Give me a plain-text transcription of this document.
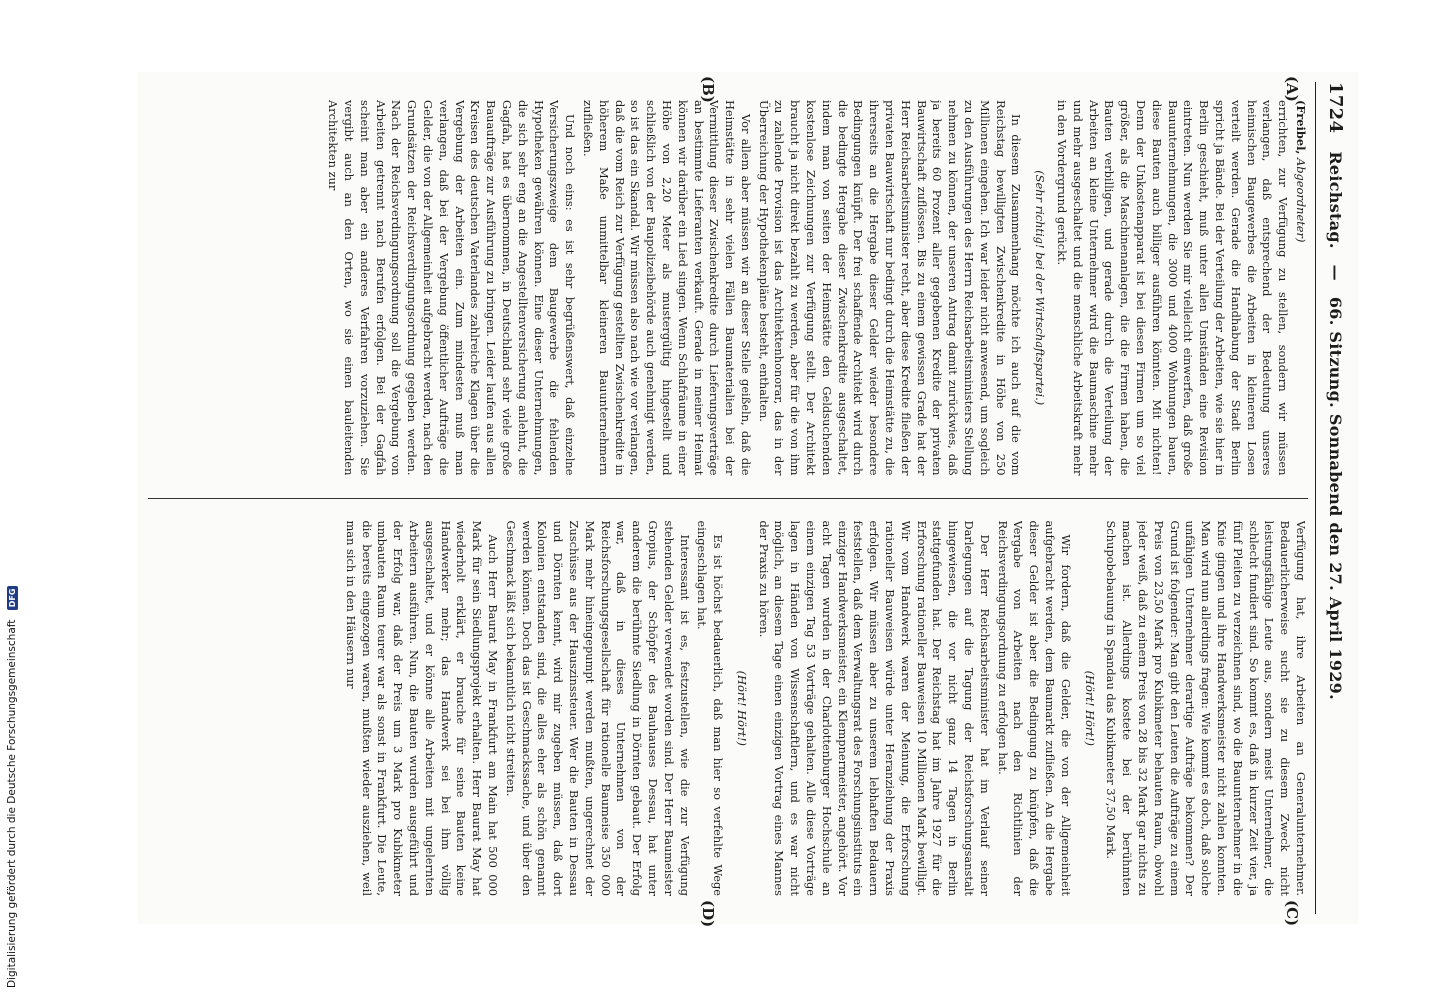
Digitalisierung gefördert durch die Deutsche Forschungsgemeinschaft DFG
1724
Reichstag. — 66. Sitzung. Sonnabend den 27. April 1929.
(A)
(B)
(C)
(D)

(Freibel, Abgeordneter)

errichten, zur Verfügung zu stellen, sondern wir müssen verlangen, daß entsprechend der Bedeutung unseres heimischen Baugewerbes die Arbeiten in kleineren Losen verteilt werden. Gerade die Handhabung der Stadt Berlin spricht ja Bände. Bei der Verteilung der Arbeiten, wie sie hier in Berlin geschieht, muß unter allen Umständen eine Revision eintreten. Nun werden Sie mir vielleicht einwerfen, daß große Bauunternehmungen, die 3000 und 4000 Wohnungen bauen, diese Bauten auch billiger ausführen könnten. Mit nichten! Denn der Unkostenapparat ist bei diesen Firmen um so viel größer, als die Maschinenanlagen, die die Firmen haben, die Bauten verbilligen, und gerade durch die Verteilung der Arbeiten an kleine Unternehmer wird die Baumaschine mehr und mehr ausgeschaltet und die menschliche Arbeitskraft mehr in den Vordergrund gerückt.

(Sehr richtig! bei der Wirtschaftspartei.)

In diesem Zusammenhang möchte ich auch auf die vom Reichstag bewilligten Zwischenkredite in Höhe von 250 Millionen eingehen. Ich war leider nicht anwesend, um sogleich zu den Ausführungen des Herrn Reichsarbeitsministers Stellung nehmen zu können, der unseren Antrag damit zurückwies, daß ja bereits 60 Prozent aller gegebenen Kredite der privaten Bauwirtschaft zuflössen. Bis zu einem gewissen Grade hat der Herr Reichsarbeitsminister recht, aber diese Kredite fließen der privaten Bauwirtschaft nur bedingt durch die Heimstätte zu, die ihrerseits an die Hergabe dieser Gelder wieder besondere Bedingungen knüpft. Der frei schaffende Architekt wird durch die bedingte Hergabe dieser Zwischenkredite ausgeschaltet, indem man von seiten der Heimstätte den Geldsuchenden kostenlose Zeichnungen zur Verfügung stellt. Der Architekt braucht ja nicht direkt bezahlt zu werden, aber für die von ihm zu zahlende Provision ist das Architektenhonorar, das in der Überreichung der Hypothekenpläne besteht, enthalten.

Vor allem aber müssen wir an dieser Stelle geißeln, daß die Heimstätte in sehr vielen Fällen Baumaterialien bei der Vermittlung dieser Zwischenkredite durch Lieferungsverträge an bestimmte Lieferanten verkauft. Gerade in meiner Heimat können wir darüber ein Lied singen. Wenn Schlafräume in einer Höhe von 2,20 Meter als mustergültig hingestellt und schließlich von der Baupolizeibehörde auch genehmigt werden, so ist das ein Skandal. Wir müssen also nach wie vor verlangen, daß die vom Reich zur Verfügung gestellten Zwischenkredite in höherem Maße unmittelbar kleineren Bauunternehmern zufließen.

Und noch eins: es ist sehr begrüßenswert, daß einzelne Versicherungszweige dem Baugewerbe die fehlenden Hypotheken gewähren können. Eine dieser Unternehmungen, die sich sehr eng an die Angestelltenversicherung anlehnt, die Gagfah, hat es übernommen, in Deutschland sehr viele große Bauaufträge zur Ausführung zu bringen. Leider laufen aus allen Kreisen des deutschen Vaterlandes zahlreiche Klagen über die Vergebung der Arbeiten ein. Zum mindesten muß man verlangen, daß bei der Vergebung öffentlicher Aufträge die Gelder, die von der Allgemeinheit aufgebracht werden, nach den Grundsätzen der Reichsverdingungsordnung gegeben werden. Nach der Reichsverdingungsordnung soll die Vergebung von Arbeiten getrennt nach Berufen erfolgen. Bei der Gagfah scheint man aber ein anderes Verfahren vorzuziehen. Sie vergibt auch an den Orten, wo sie einen bauleitenden Architekten zur

Verfügung hat, ihre Arbeiten an Generalunternehmer. Bedauerlicherweise sucht sie zu diesem Zweck nicht leistungsfähige Leute aus, sondern meist Unternehmer, die schlecht fundiert sind. So kommt es, daß in kurzer Zeit vier, ja fünf Pleiten zu verzeichnen sind, wo die Bauunternehmer in die Knie gingen und ihre Handwerksmeister nicht zahlen konnten. Man wird nun allerdings fragen: Wie kommt es doch, daß solche unfähigen Unternehmer derartige Aufträge bekommen? Der Grund ist folgender: Man gibt den Leuten die Aufträge zu einem Preis von 23,50 Mark pro Kubikmeter behauten Raum, obwohl jeder weiß, daß zu einem Preis von 28 bis 32 Mark gar nichts zu machen ist. Allerdings kostete bei der berühmten Schupobebauung in Spandau das Kubikmeter 37,50 Mark.

(Hört! Hört!)

Wir fordern, daß die Gelder, die von der Allgemeinheit aufgebracht werden, dem Baumarkt zufließen. An die Hergabe dieser Gelder ist aber die Bedingung zu knüpfen, daß die Vergabe von Arbeiten nach den Richtlinien der Reichsverdingungsordnung zu erfolgen hat.

Der Herr Reichsarbeitsminister hat im Verlauf seiner Darlegungen auf die Tagung der Reichsforschungsanstalt hingewiesen, die vor nicht ganz 14 Tagen in Berlin stattgefunden hat. Der Reichstag hat im Jahre 1927 für die Erforschung rationeller Bauweisen 10 Millionen Mark bewilligt. Wir vom Handwerk waren der Meinung, die Erforschung rationeller Bauweisen würde unter Heranziehung der Praxis erfolgen. Wir müssen aber zu unserem lebhaften Bedauern feststellen, daß dem Verwaltungsrat des Forschungsinstituts ein einziger Handwerksmeister, ein Klempnermeister, angehört. Vor acht Tagen wurden in der Charlottenburger Hochschule an einem einzigen Tag 53 Vorträge gehalten. Alle diese Vorträge lagen in Händen von Wissenschaftlern, und es war nicht möglich, an diesem Tage einen einzigen Vortrag eines Mannes der Praxis zu hören.

(Hört! Hört!)

Es ist höchst bedauerlich, daß man hier so verfehlte Wege eingeschlagen hat.

Interessant ist es, festzustellen, wie die zur Verfügung stehenden Gelder verwendet worden sind. Der Herr Baumeister Gropius, der Schöpfer des Bauhauses Dessau, hat unter anderem die berühmte Siedlung in Dörnten gebaut. Der Erfolg war, daß in dieses Unternehmen von der Reichsforschungsgesellschaft für rationelle Baumeise 350 000 Mark mehr hineingepumpt werden mußten, ungerechnet der Zuschüsse aus der Hauszinssteuer. Wer die Bauten in Dessau und Dörnten kennt, wird mir zugeben müssen, daß dort Kolonien entstanden sind, die alles eher als schön genannt werden können. Doch das ist Geschmackssache, und über den Geschmack läßt sich bekanntlich nicht streiten.

Auch Herr Baurat May in Frankfurt am Main hat 500 000 Mark für sein Siedlungsprojekt erhalten. Herr Baurat May hat wiederholt erklärt, er brauche für seine Bauten keine Handwerker mehr; das Handwerk sei bei ihm völlig ausgeschaltet, und er könne alle Arbeiten mit ungelernten Arbeitern ausführen. Nun, die Bauten wurden ausgeführt und der Erfolg war, daß der Preis um 3 Mark pro Kubikmeter umbauten Raum teurer war als sonst in Frankfurt. Die Leute, die bereits eingezogen waren, mußten wieder ausziehen, weil man sich in den Häusern nur
